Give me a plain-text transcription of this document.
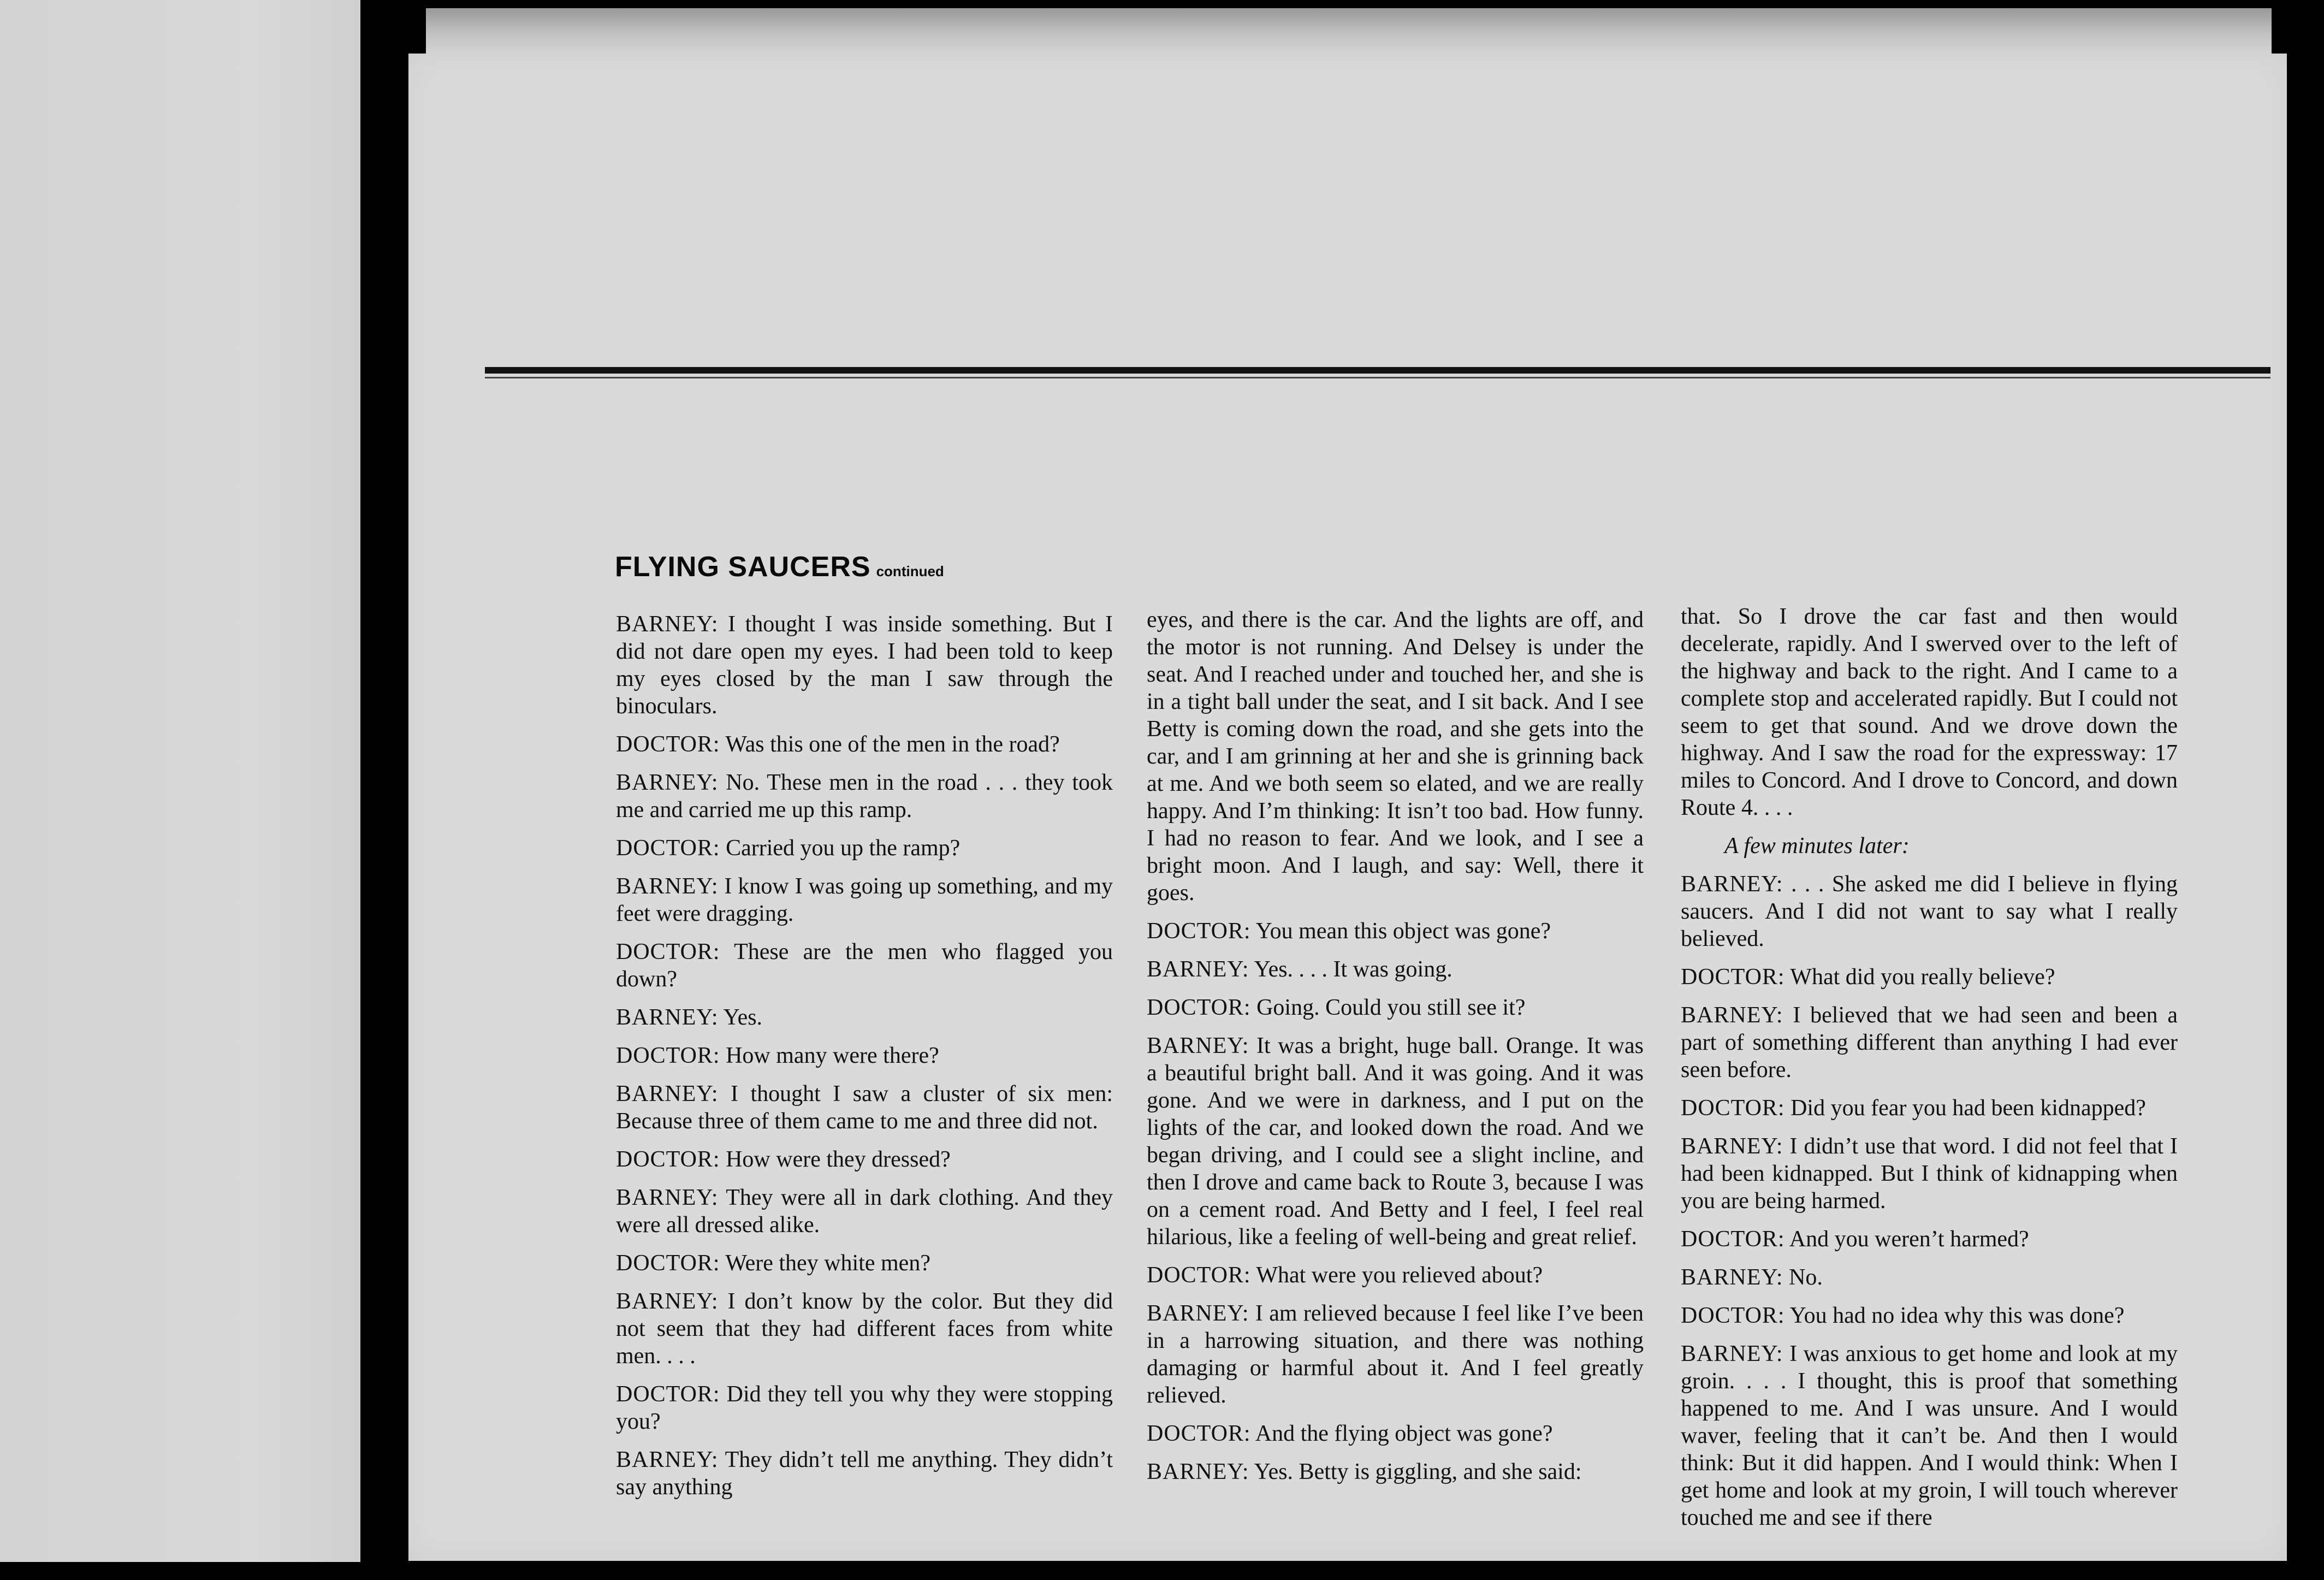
FLYING SAUCERS continued

BARNEY: I thought I was inside something. But I did not dare open my eyes. I had been told to keep my eyes closed by the man I saw through the binoculars.

DOCTOR: Was this one of the men in the road?

BARNEY: No. These men in the road . . . they took me and carried me up this ramp.

DOCTOR: Carried you up the ramp?

BARNEY: I know I was going up something, and my feet were dragging.

DOCTOR: These are the men who flagged you down?

BARNEY: Yes.

DOCTOR: How many were there?

BARNEY: I thought I saw a cluster of six men: Because three of them came to me and three did not.

DOCTOR: How were they dressed?

BARNEY: They were all in dark clothing. And they were all dressed alike.

DOCTOR: Were they white men?

BARNEY: I don’t know by the color. But they did not seem that they had different faces from white men. . . .

DOCTOR: Did they tell you why they were stopping you?

BARNEY: They didn’t tell me anything. They didn’t say anything

eyes, and there is the car. And the lights are off, and the motor is not running. And Delsey is under the seat. And I reached under and touched her, and she is in a tight ball under the seat, and I sit back. And I see Betty is coming down the road, and she gets into the car, and I am grinning at her and she is grinning back at me. And we both seem so elated, and we are really happy. And I’m thinking: It isn’t too bad. How funny. I had no reason to fear. And we look, and I see a bright moon. And I laugh, and say: Well, there it goes.

DOCTOR: You mean this object was gone?

BARNEY: Yes. . . . It was going.

DOCTOR: Going. Could you still see it?

BARNEY: It was a bright, huge ball. Orange. It was a beautiful bright ball. And it was going. And it was gone. And we were in darkness, and I put on the lights of the car, and looked down the road. And we began driving, and I could see a slight incline, and then I drove and came back to Route 3, because I was on a cement road. And Betty and I feel, I feel real hilarious, like a feeling of well-being and great relief.

DOCTOR: What were you relieved about?

BARNEY: I am relieved because I feel like I’ve been in a harrowing situation, and there was nothing damaging or harmful about it. And I feel greatly relieved.

DOCTOR: And the flying object was gone?

BARNEY: Yes. Betty is giggling, and she said:

that. So I drove the car fast and then would decelerate, rapidly. And I swerved over to the left of the highway and back to the right. And I came to a complete stop and accelerated rapidly. But I could not seem to get that sound. And we drove down the highway. And I saw the road for the expressway: 17 miles to Concord. And I drove to Concord, and down Route 4. . . .

A few minutes later:

BARNEY: . . . She asked me did I believe in flying saucers. And I did not want to say what I really believed.

DOCTOR: What did you really believe?

BARNEY: I believed that we had seen and been a part of something different than anything I had ever seen before.

DOCTOR: Did you fear you had been kidnapped?

BARNEY: I didn’t use that word. I did not feel that I had been kidnapped. But I think of kidnapping when you are being harmed.

DOCTOR: And you weren’t harmed?

BARNEY: No.

DOCTOR: You had no idea why this was done?

BARNEY: I was anxious to get home and look at my groin. . . . I thought, this is proof that something happened to me. And I was unsure. And I would waver, feeling that it can’t be. And then I would think: But it did happen. And I would think: When I get home and look at my groin, I will touch wherever touched me and see if there
